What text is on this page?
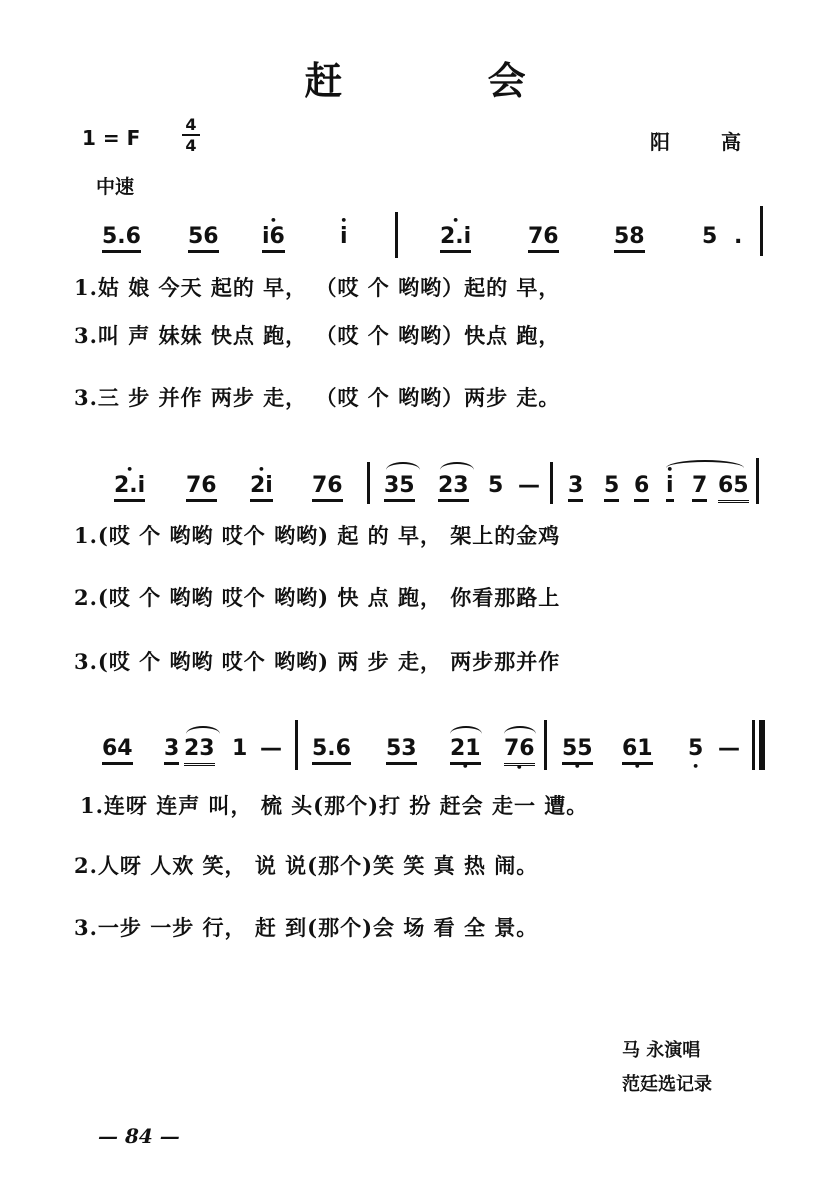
赶 会
1 = F
4
4	阳 高
中速
5.6 56 • i6	• i	• 2.i	76	58	5 .
1.姑 娘 今天 起的 早， （哎 个 哟哟）起的 早，
3.叫 声 妹妹 快点 跑， （哎 个 哟哟）快点 跑，
3.三 步 并作 两步 走， （哎 个 哟哟）两步 走。
• 2.i 76 • 2i 76 35 23 5 — 3 5 6 • i 7 65
1.(哎 个 哟哟 哎个 哟哟) 起 的 早， 架上的金鸡
2.(哎 个 哟哟 哎个 哟哟) 快 点 跑， 你看那路上
3.(哎 个 哟哟 哎个 哟哟) 两 步 走， 两步那并作
64 3 23 1 — 5.6 53 21 • 76 • 55 • 61 • 5 • —
1.连呀 连声 叫， 梳 头(那个)打 扮 赶会 走一 遭。
2.人呀 人欢 笑， 说 说(那个)笑 笑 真 热 闹。
3.一步 一步 行， 赶 到(那个)会 场 看 全 景。
马 永演唱
范廷选记录
— 84 —
